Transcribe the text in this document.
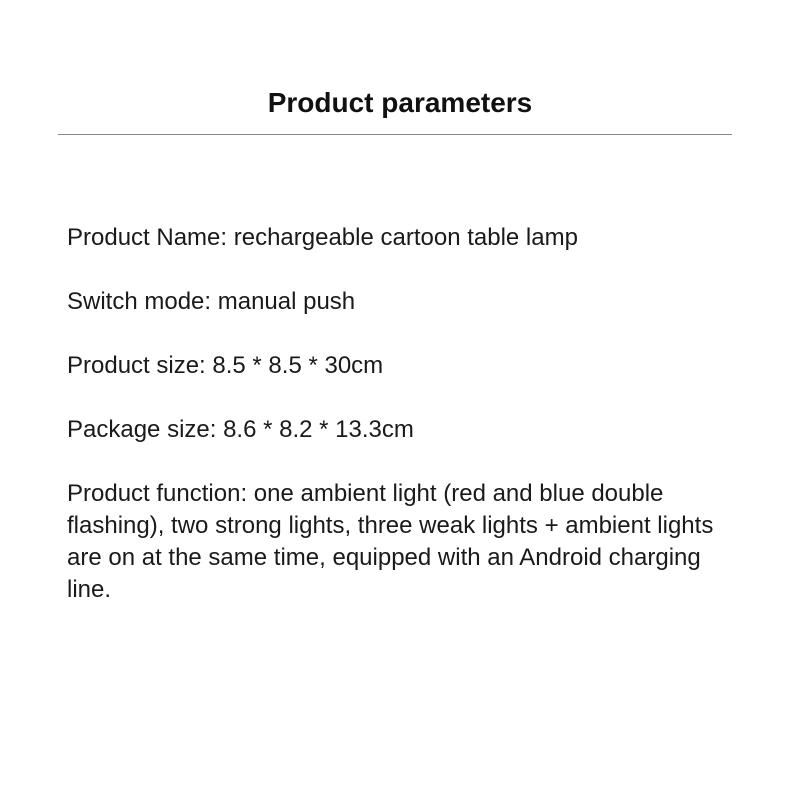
Product parameters
Product Name: rechargeable cartoon table lamp
Switch mode: manual push
Product size: 8.5 * 8.5 * 30cm
Package size: 8.6 * 8.2 * 13.3cm
Product function: one ambient light (red and blue double flashing), two strong lights, three weak lights + ambient lights are on at the same time, equipped with an Android charging line.
